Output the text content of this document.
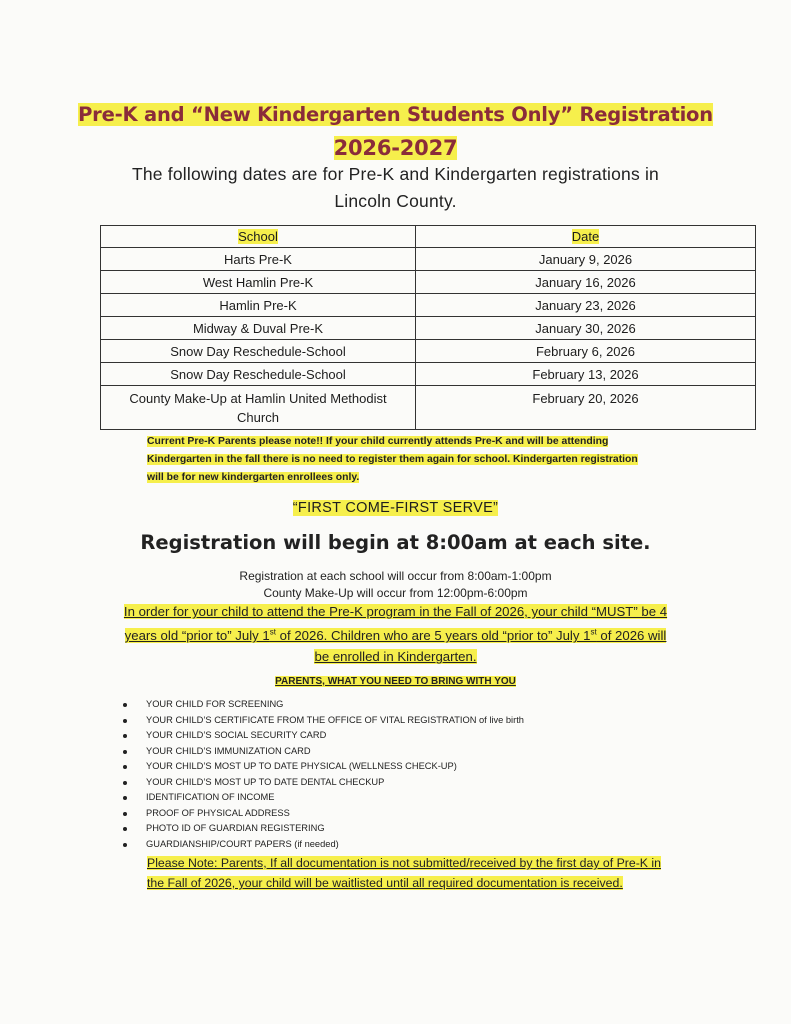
Pre-K and “New Kindergarten Students Only” Registration
2026-2027
The following dates are for Pre-K and Kindergarten registrations in
Lincoln County.
School	Date
Harts Pre-K	January 9, 2026
West Hamlin Pre-K	January 16, 2026
Hamlin Pre-K	January 23, 2026
Midway & Duval Pre-K	January 30, 2026
Snow Day Reschedule-School	February 6, 2026
Snow Day Reschedule-School	February 13, 2026

County Make-Up at Hamlin United Methodist
Church	February 20, 2026
Current Pre-K Parents please note!! If your child currently attends Pre-K and will be attending
Kindergarten in the fall there is no need to register them again for school. Kindergarten registration
will be for new kindergarten enrollees only.
“FIRST COME-FIRST SERVE”
Registration will begin at 8:00am at each site.
Registration at each school will occur from 8:00am-1:00pm
County Make-Up will occur from 12:00pm-6:00pm
In order for your child to attend the Pre-K program in the Fall of 2026, your child “MUST” be 4
years old “prior to” July 1st of 2026. Children who are 5 years old “prior to” July 1st of 2026 will
be enrolled in Kindergarten.
PARENTS, WHAT YOU NEED TO BRING WITH YOU
YOUR CHILD FOR SCREENING
YOUR CHILD’S CERTIFICATE FROM THE OFFICE OF VITAL REGISTRATION of live birth
YOUR CHILD’S SOCIAL SECURITY CARD
YOUR CHILD’S IMMUNIZATION CARD
YOUR CHILD’S MOST UP TO DATE PHYSICAL (WELLNESS CHECK-UP)
YOUR CHILD’S MOST UP TO DATE DENTAL CHECKUP
IDENTIFICATION OF INCOME
PROOF OF PHYSICAL ADDRESS
PHOTO ID OF GUARDIAN REGISTERING
GUARDIANSHIP/COURT PAPERS (if needed)
Please Note: Parents, If all documentation is not submitted/received by the first day of Pre-K in
the Fall of 2026, your child will be waitlisted until all required documentation is received.
